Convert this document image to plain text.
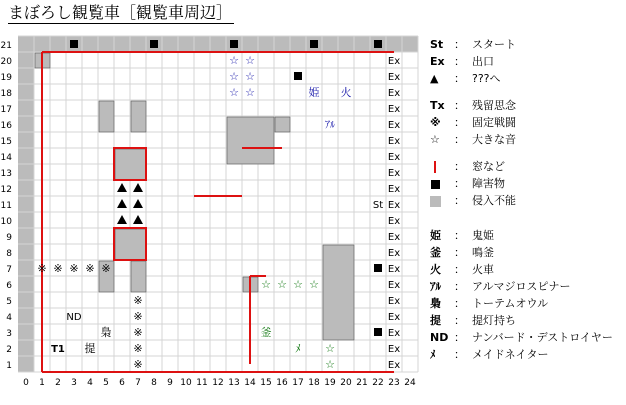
まぼろし観覧車［観覧車周辺］
☆ ☆
☆ ☆
☆ ☆	姫 火
ｱﾙ
St
※ ※ ※ ※ ※
※
※
※
※
※
☆ ☆ ☆ ☆
☆
☆
釜
ﾒ
ND
梟
提
T1
Ex
Ex
Ex
Ex
Ex
Ex
Ex
Ex
Ex
Ex
Ex
Ex
Ex
Ex
Ex
Ex
Ex
Ex
Ex
Ex
1
2
3
4
5
6
7
8
9
10
11
12
13
14
15
16
17
18
19
20
21
0 1 2 3 4 5 6 7 8 9 10 11 12 13 14 15 16 17 18 19 20 21 22 23 24
St ： スタート
Ex ： 出口
▲	： ???へ
Tx ： 残留思念
※	： 固定戦闘
☆	： 大きな音
： 窓など
： 障害物
： 侵入不能
姫	： 鬼姫
釜	： 鳴釜
火	： 火車
ｱﾙ	： アルマジロスピナー
梟	： トーテムオウル
提	： 提灯持ち
ND ： ナンバード・デストロイヤー
ﾒ	： メイドネイター
